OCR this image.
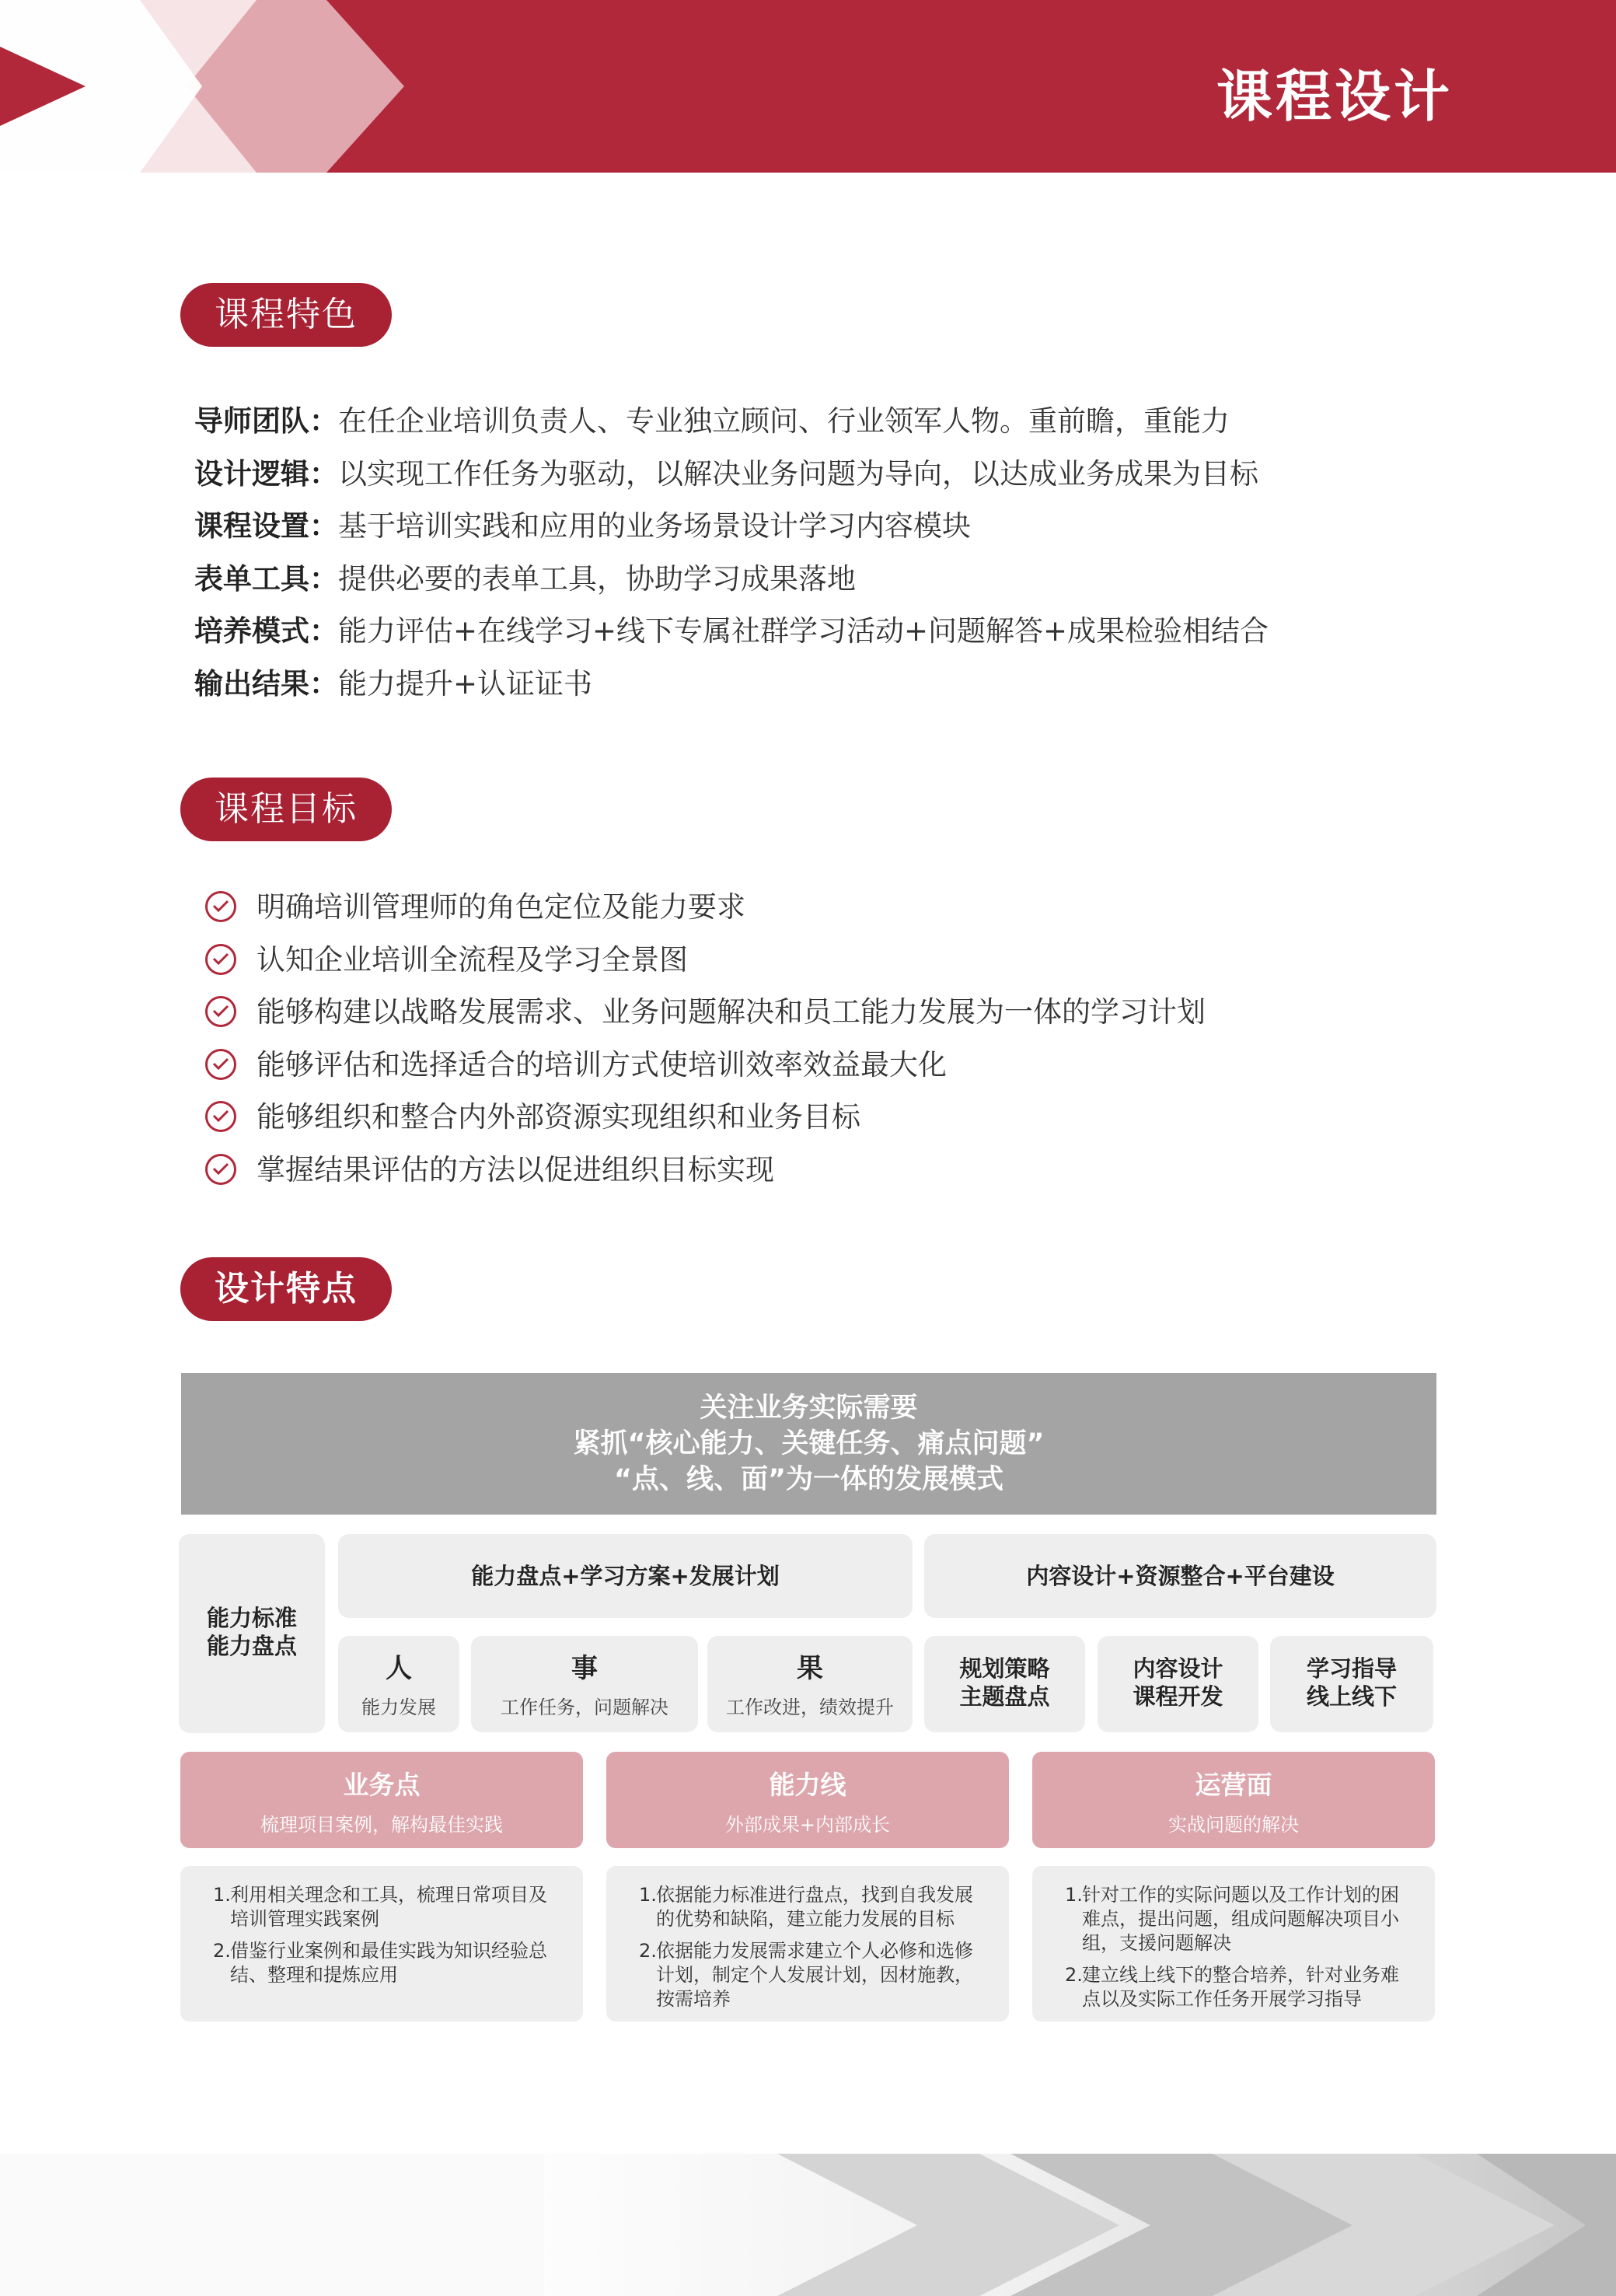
课程设计
课程特色
导师团队：在任企业培训负责人、专业独立顾问、行业领军人物。重前瞻，重能力
设计逻辑：以实现工作任务为驱动，以解决业务问题为导向，以达成业务成果为目标
课程设置：基于培训实践和应用的业务场景设计学习内容模块
表单工具：提供必要的表单工具，协助学习成果落地
培养模式：能力评估+在线学习+线下专属社群学习活动+问题解答+成果检验相结合
输出结果：能力提升+认证证书
课程目标
明确培训管理师的角色定位及能力要求
认知企业培训全流程及学习全景图
能够构建以战略发展需求、业务问题解决和员工能力发展为一体的学习计划
能够评估和选择适合的培训方式使培训效率效益最大化
能够组织和整合内外部资源实现组织和业务目标
掌握结果评估的方法以促进组织目标实现
设计特点
关注业务实际需要
紧抓“核心能力、关键任务、痛点问题”
“点、线、面”为一体的发展模式
能力标准
能力盘点
能力盘点+学习方案+发展计划	内容设计+资源整合+平台建设
人
能力发展
事
工作任务，问题解决
果
工作改进，绩效提升
规划策略
主题盘点
内容设计
课程开发
学习指导
线上线下
业务点
梳理项目案例，解构最佳实践
能力线
外部成果+内部成长
运营面
实战问题的解决
1. 利用相关理念和工具，梳理日常项目及培训管理实践案例
2. 借鉴行业案例和最佳实践为知识经验总结、整理和提炼应用
1. 依据能力标准进行盘点，找到自我发展的优势和缺陷，建立能力发展的目标
2. 依据能力发展需求建立个人必修和选修计划，制定个人发展计划，因材施教，按需培养
1. 针对工作的实际问题以及工作计划的困难点，提出问题，组成问题解决项目小组，支援问题解决
2. 建立线上线下的整合培养，针对业务难点以及实际工作任务开展学习指导
